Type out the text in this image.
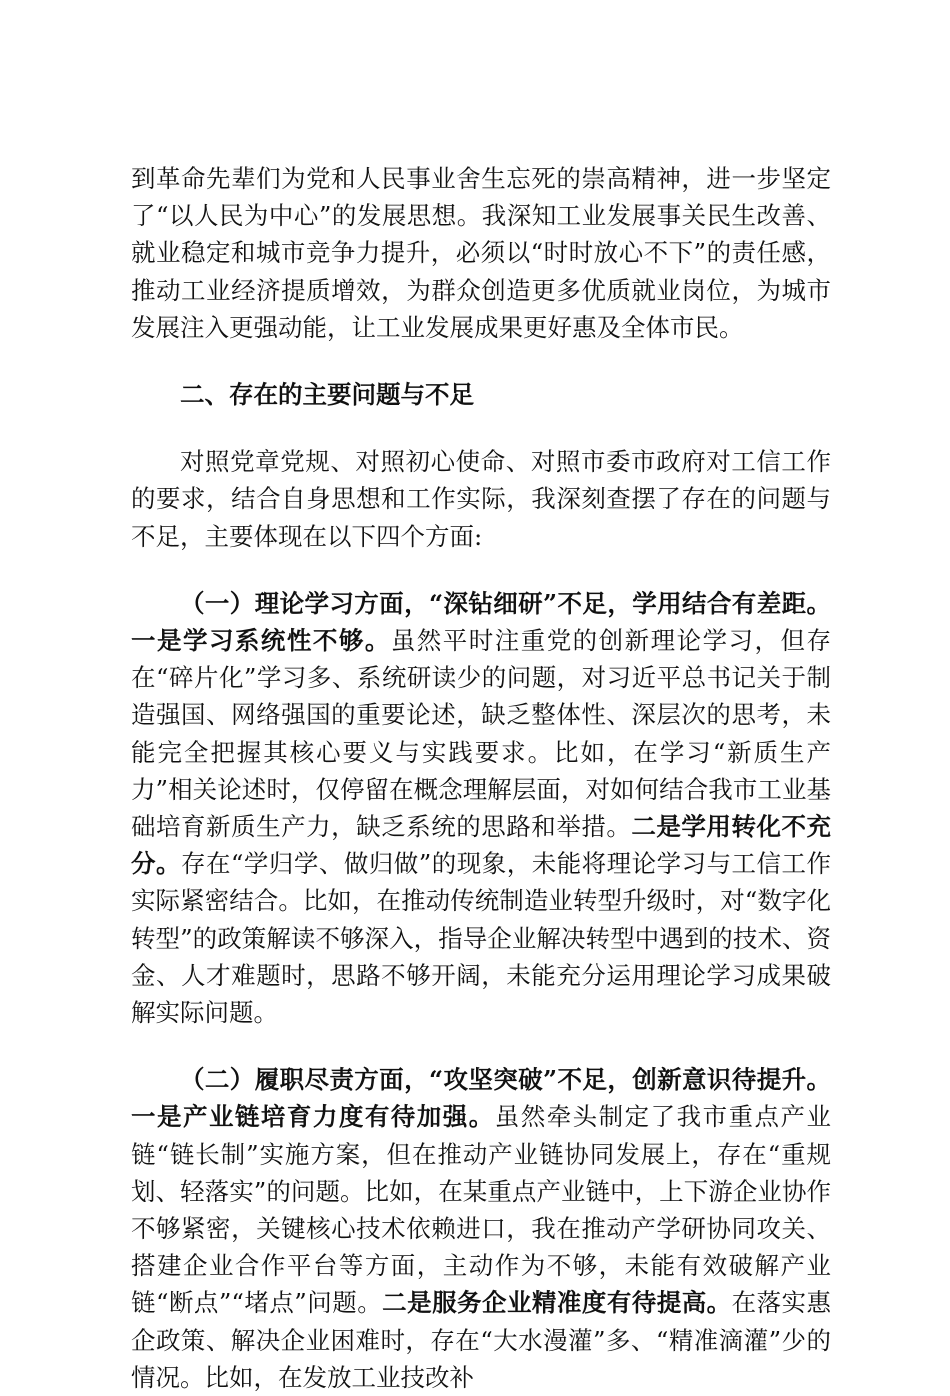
到革命先辈们为党和人民事业舍生忘死的崇高精神，进一步坚定了“以人民为中心”的发展思想。我深知工业发展事关民生改善、就业稳定和城市竞争力提升，必须以“时时放心不下”的责任感，推动工业经济提质增效，为群众创造更多优质就业岗位，为城市发展注入更强动能，让工业发展成果更好惠及全体市民。

二、存在的主要问题与不足

对照党章党规、对照初心使命、对照市委市政府对工信工作的要求，结合自身思想和工作实际，我深刻查摆了存在的问题与不足，主要体现在以下四个方面:

（一）理论学习方面，“深钻细研”不足，学用结合有差距。一是学习系统性不够。虽然平时注重党的创新理论学习，但存在“碎片化”学习多、系统研读少的问题，对习近平总书记关于制造强国、网络强国的重要论述，缺乏整体性、深层次的思考，未能完全把握其核心要义与实践要求。比如，在学习“新质生产力”相关论述时，仅停留在概念理解层面，对如何结合我市工业基础培育新质生产力，缺乏系统的思路和举措。二是学用转化不充分。存在“学归学、做归做”的现象，未能将理论学习与工信工作实际紧密结合。比如，在推动传统制造业转型升级时，对“数字化转型”的政策解读不够深入，指导企业解决转型中遇到的技术、资金、人才难题时，思路不够开阔，未能充分运用理论学习成果破解实际问题。

（二）履职尽责方面，“攻坚突破”不足，创新意识待提升。一是产业链培育力度有待加强。虽然牵头制定了我市重点产业链“链长制”实施方案，但在推动产业链协同发展上，存在“重规划、轻落实”的问题。比如，在某重点产业链中，上下游企业协作不够紧密，关键核心技术依赖进口，我在推动产学研协同攻关、搭建企业合作平台等方面，主动作为不够，未能有效破解产业链“断点”“堵点”问题。二是服务企业精准度有待提高。在落实惠企政策、解决企业困难时，存在“大水漫灌”多、“精准滴灌”少的情况。比如，在发放工业技改补
